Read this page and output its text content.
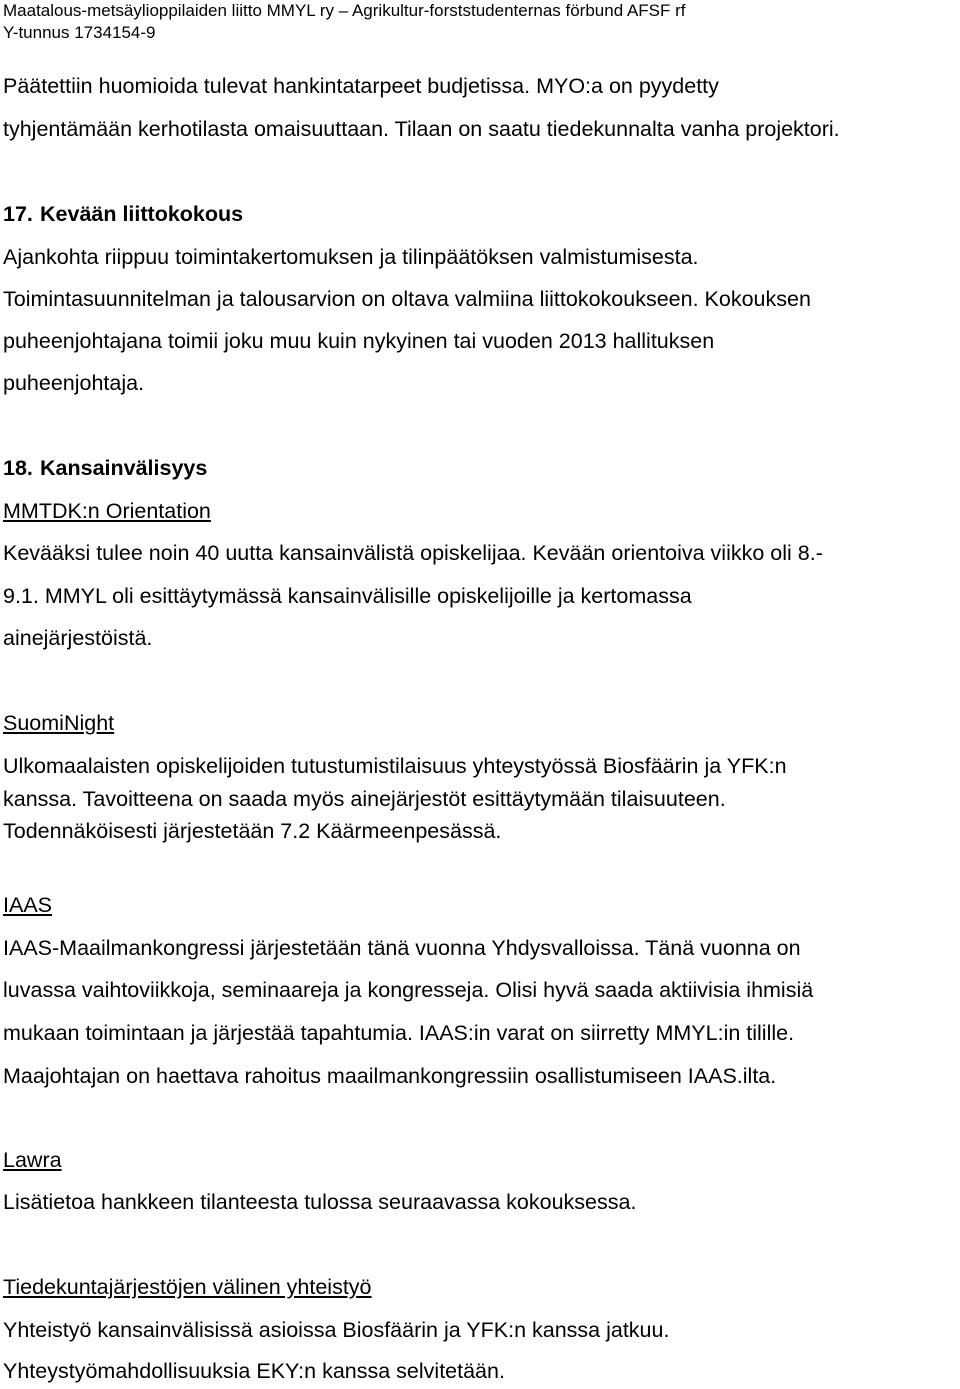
Maatalous-metsäylioppilaiden liitto MMYL ry – Agrikultur-forststudenternas förbund AFSF rf
Y-tunnus 1734154-9
Päätettiin huomioida tulevat hankintatarpeet budjetissa. MYO:a on pyydetty
tyhjentämään kerhotilasta omaisuuttaan. Tilaan on saatu tiedekunnalta vanha projektori.
17. Kevään liittokokous
Ajankohta riippuu toimintakertomuksen ja tilinpäätöksen valmistumisesta.
Toimintasuunnitelman ja talousarvion on oltava valmiina liittokokoukseen. Kokouksen
puheenjohtajana toimii joku muu kuin nykyinen tai vuoden 2013 hallituksen
puheenjohtaja.
18. Kansainvälisyys
MMTDK:n Orientation
Kevääksi tulee noin 40 uutta kansainvälistä opiskelijaa. Kevään orientoiva viikko oli 8.-
9.1. MMYL oli esittäytymässä kansainvälisille opiskelijoille ja kertomassa
ainejärjestöistä.
SuomiNight
Ulkomaalaisten opiskelijoiden tutustumistilaisuus yhteystyössä Biosfäärin ja YFK:n
kanssa. Tavoitteena on saada myös ainejärjestöt esittäytymään tilaisuuteen.
Todennäköisesti järjestetään 7.2 Käärmeenpesässä.
IAAS
IAAS-Maailmankongressi järjestetään tänä vuonna Yhdysvalloissa. Tänä vuonna on
luvassa vaihtoviikkoja, seminaareja ja kongresseja. Olisi hyvä saada aktiivisia ihmisiä
mukaan toimintaan ja järjestää tapahtumia. IAAS:in varat on siirretty MMYL:in tilille.
Maajohtajan on haettava rahoitus maailmankongressiin osallistumiseen IAAS.ilta.
Lawra
Lisätietoa hankkeen tilanteesta tulossa seuraavassa kokouksessa.
Tiedekuntajärjestöjen välinen yhteistyö
Yhteistyö kansainvälisissä asioissa Biosfäärin ja YFK:n kanssa jatkuu.
Yhteystyömahdollisuuksia EKY:n kanssa selvitetään.
